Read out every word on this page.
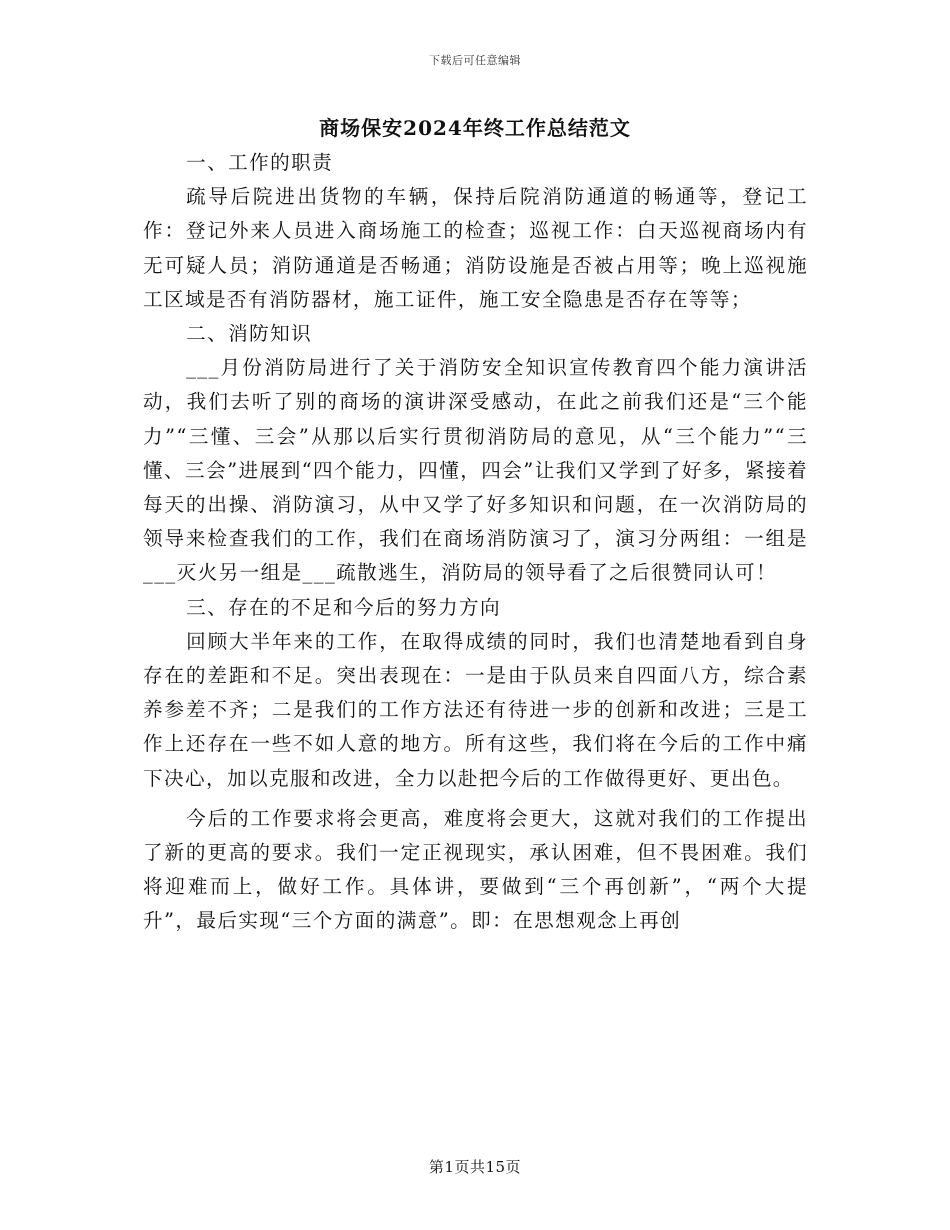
下载后可任意编辑
商场保安2024年终工作总结范文

一、工作的职责

疏导后院进出货物的车辆，保持后院消防通道的畅通等，登记工作：登记外来人员进入商场施工的检查；巡视工作：白天巡视商场内有无可疑人员；消防通道是否畅通；消防设施是否被占用等；晚上巡视施工区域是否有消防器材，施工证件，施工安全隐患是否存在等等；

二、消防知识

___月份消防局进行了关于消防安全知识宣传教育四个能力演讲活动，我们去听了别的商场的演讲深受感动，在此之前我们还是“三个能力”“三懂、三会”从那以后实行贯彻消防局的意见，从“三个能力”“三懂、三会”进展到“四个能力，四懂，四会”让我们又学到了好多，紧接着每天的出操、消防演习，从中又学了好多知识和问题，在一次消防局的领导来检查我们的工作，我们在商场消防演习了，演习分两组：一组是___灭火另一组是___疏散逃生，消防局的领导看了之后很赞同认可！

三、存在的不足和今后的努力方向

回顾大半年来的工作，在取得成绩的同时，我们也清楚地看到自身存在的差距和不足。突出表现在：一是由于队员来自四面八方，综合素养参差不齐；二是我们的工作方法还有待进一步的创新和改进；三是工作上还存在一些不如人意的地方。所有这些，我们将在今后的工作中痛下决心，加以克服和改进，全力以赴把今后的工作做得更好、更出色。

今后的工作要求将会更高，难度将会更大，这就对我们的工作提出了新的更高的要求。我们一定正视现实，承认困难，但不畏困难。我们将迎难而上，做好工作。具体讲，要做到“三个再创新”，“两个大提升”，最后实现“三个方面的满意”。即：在思想观念上再创

第1页共15页
